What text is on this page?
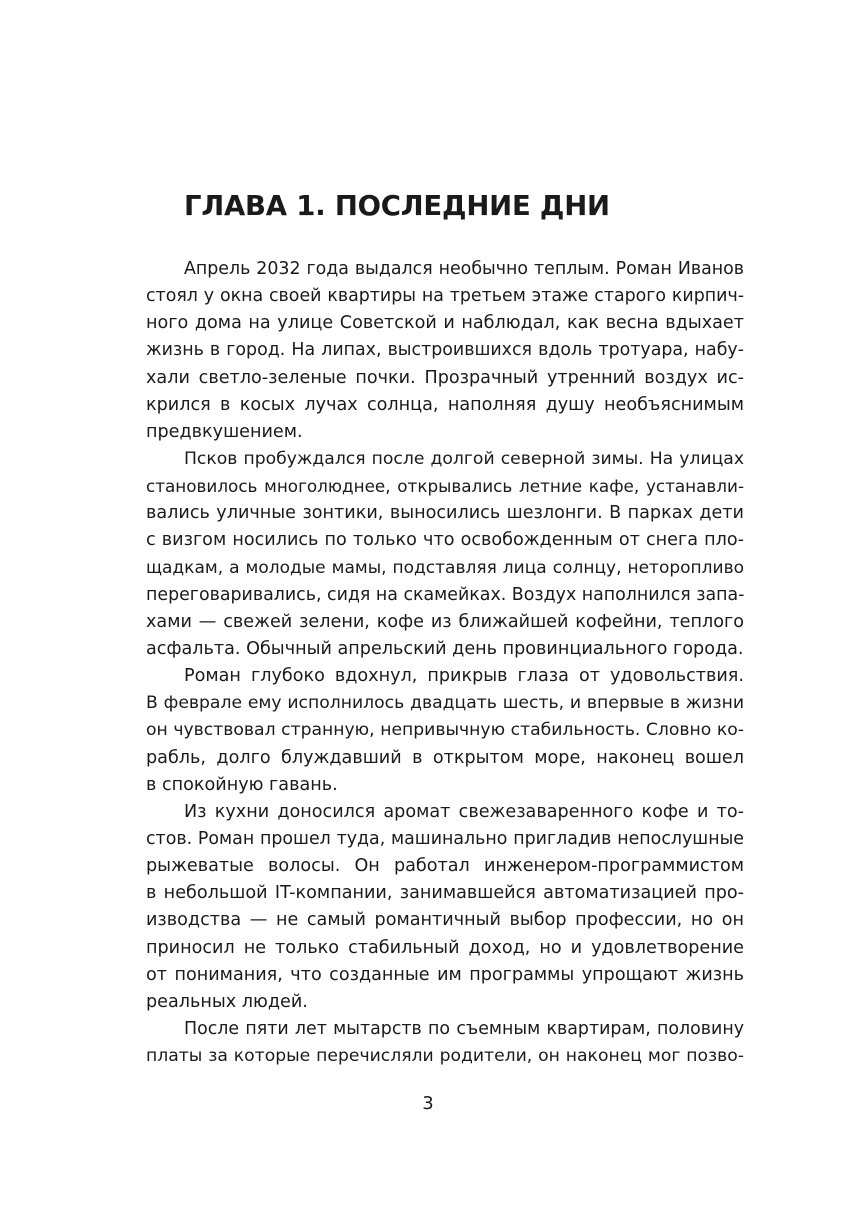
ГЛАВА 1. ПОСЛЕДНИЕ ДНИ
Апрель 2032 года выдался необычно теплым. Роман Иванов
стоял у окна своей квартиры на третьем этаже старого кирпич-
ного дома на улице Советской и наблюдал, как весна вдыхает
жизнь в город. На липах, выстроившихся вдоль тротуара, набу-
хали светло-зеленые почки. Прозрачный утренний воздух ис-
крился в косых лучах солнца, наполняя душу необъяснимым
предвкушением.
Псков пробуждался после долгой северной зимы. На улицах
становилось многолюднее, открывались летние кафе, устанавли-
вались уличные зонтики, выносились шезлонги. В парках дети
с визгом носились по только что освобожденным от снега пло-
щадкам, а молодые мамы, подставляя лица солнцу, неторопливо
переговаривались, сидя на скамейках. Воздух наполнился запа-
хами — свежей зелени, кофе из ближайшей кофейни, теплого
асфальта. Обычный апрельский день провинциального города.
Роман глубоко вдохнул, прикрыв глаза от удовольствия.
В феврале ему исполнилось двадцать шесть, и впервые в жизни
он чувствовал странную, непривычную стабильность. Словно ко-
рабль, долго блуждавший в открытом море, наконец вошел
в спокойную гавань.
Из кухни доносился аромат свежезаваренного кофе и то-
стов. Роман прошел туда, машинально пригладив непослушные
рыжеватые волосы. Он работал инженером-программистом
в небольшой IT-компании, занимавшейся автоматизацией про-
изводства — не самый романтичный выбор профессии, но он
приносил не только стабильный доход, но и удовлетворение
от понимания, что созданные им программы упрощают жизнь
реальных людей.
После пяти лет мытарств по съемным квартирам, половину
платы за которые перечисляли родители, он наконец мог позво-
3
